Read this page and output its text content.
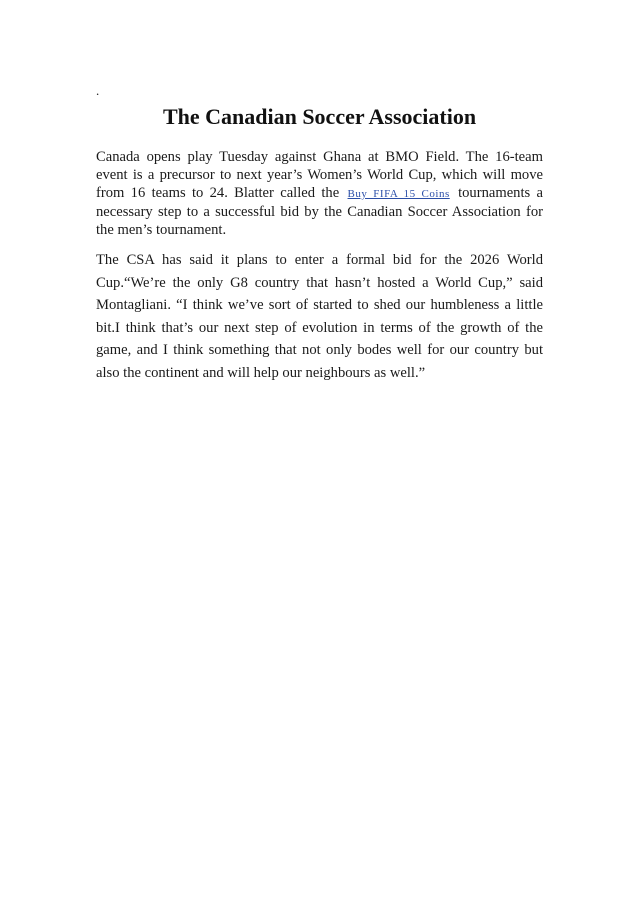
.
The Canadian Soccer Association

Canada opens play Tuesday against Ghana at BMO Field. The 16-team event is a precursor to next year’s Women’s World Cup, which will move from 16 teams to 24. Blatter called the Buy FIFA 15 Coins tournaments a necessary step to a successful bid by the Canadian Soccer Association for the men’s tournament.

The CSA has said it plans to enter a formal bid for the 2026 World Cup.“We’re the only G8 country that hasn’t hosted a World Cup,” said Montagliani. “I think we’ve sort of started to shed our humbleness a little bit.I think that’s our next step of evolution in terms of the growth of the game, and I think something that not only bodes well for our country but also the continent and will help our neighbours as well.”
